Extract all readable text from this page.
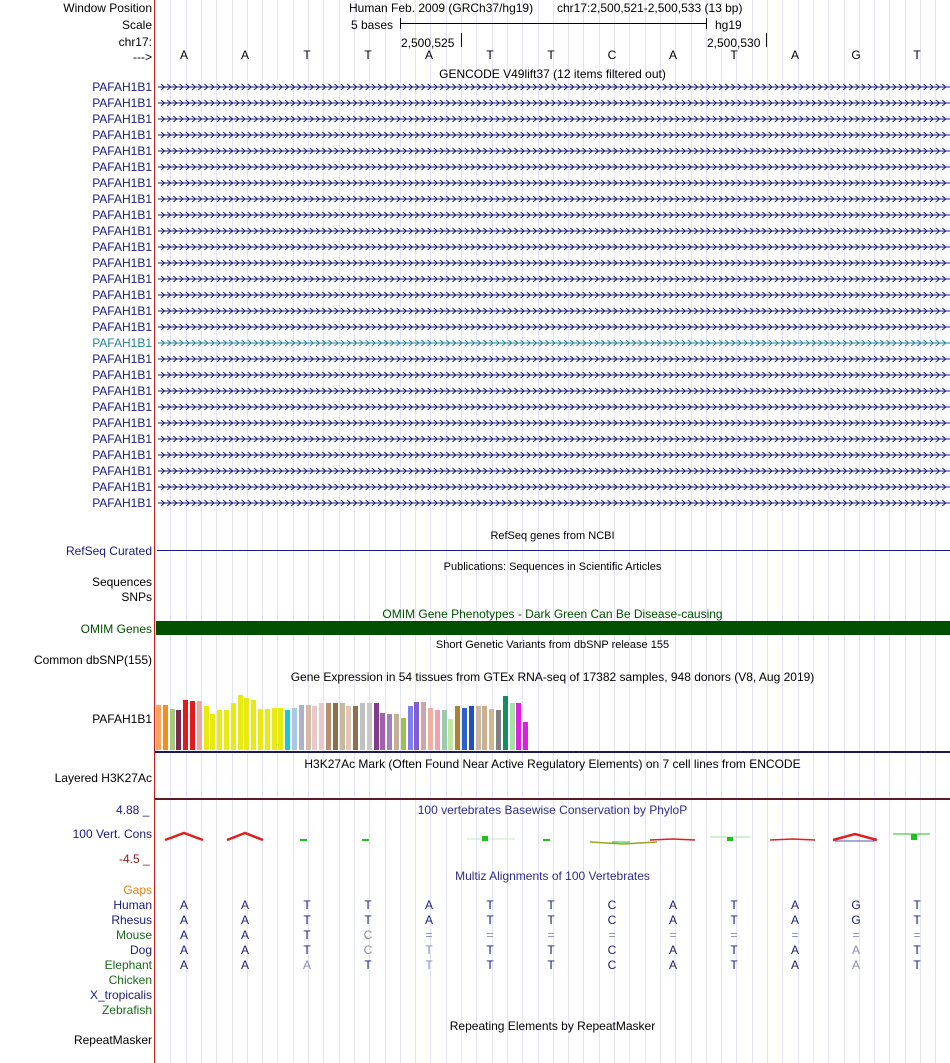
Window Position
Scale
chr17:
--->
Human Feb. 2009 (GRCh37/hg19) chr17:2,500,521-2,500,533 (13 bp)
5 bases	hg19
2,500,525	2,500,530
A	A	T	T	A	T	T	C	A	T	A	G	T
GENCODE V49lift37 (12 items filtered out)
PAFAH1B1
PAFAH1B1
PAFAH1B1
PAFAH1B1
PAFAH1B1
PAFAH1B1
PAFAH1B1
PAFAH1B1
PAFAH1B1
PAFAH1B1
PAFAH1B1
PAFAH1B1
PAFAH1B1
PAFAH1B1
PAFAH1B1
PAFAH1B1
PAFAH1B1
PAFAH1B1
PAFAH1B1
PAFAH1B1
PAFAH1B1
PAFAH1B1
PAFAH1B1
PAFAH1B1
PAFAH1B1
PAFAH1B1
PAFAH1B1
RefSeq genes from NCBI
RefSeq Curated
Publications: Sequences in Scientific Articles
Sequences
SNPs
OMIM Gene Phenotypes - Dark Green Can Be Disease-causing
OMIM Genes
Short Genetic Variants from dbSNP release 155
Common dbSNP(155)
Gene Expression in 54 tissues from GTEx RNA-seq of 17382 samples, 948 donors (V8, Aug 2019)
PAFAH1B1
H3K27Ac Mark (Often Found Near Active Regulatory Elements) on 7 cell lines from ENCODE
Layered H3K27Ac
100 vertebrates Basewise Conservation by PhyloP
4.88 _
100 Vert. Cons
-4.5 _
Multiz Alignments of 100 Vertebrates
Gaps
Human	A	A	T	T	A	T	T	C	A	T	A	G	T
Rhesus	A	A	T	T	A	T	T	C	A	T	A	G	T
Mouse	A	A	T	C	=	=	=	=	=	=	=	=	=
Dog	A	A	T	C	T	T	T	C	A	T	A	A	T
Elephant	A	A	A	T	T	T	T	C	A	T	A	A	T
Chicken
X_tropicalis
Zebrafish
Repeating Elements by RepeatMasker
RepeatMasker
